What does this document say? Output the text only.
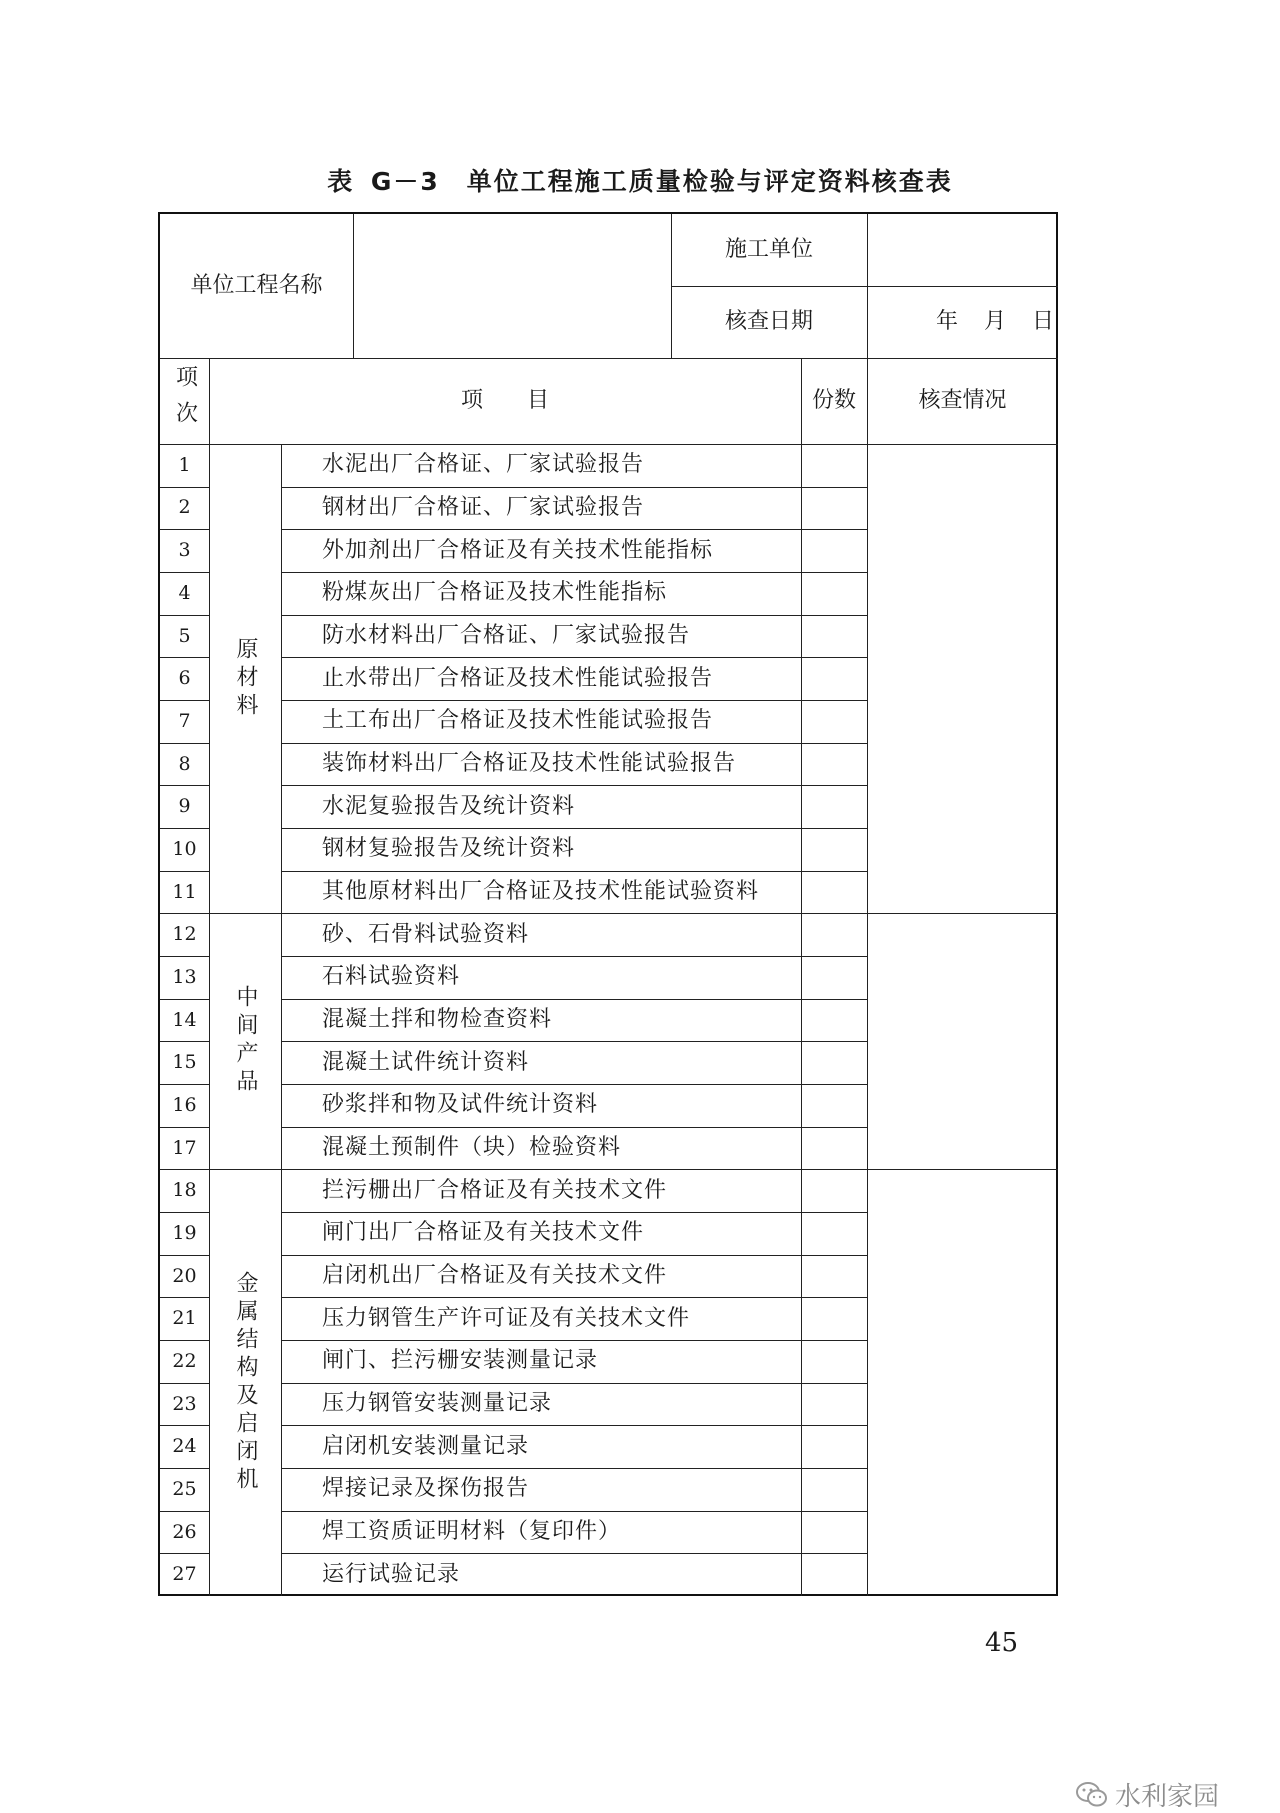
表 G－3　单位工程施工质量检验与评定资料核查表
单位工程名称
施工单位
核查日期	年　月　日
项次	项　　目	份数	核查情况
原材料
1	水泥出厂合格证、厂家试验报告
2	钢材出厂合格证、厂家试验报告
3	外加剂出厂合格证及有关技术性能指标
4	粉煤灰出厂合格证及技术性能指标
5	防水材料出厂合格证、厂家试验报告
6	止水带出厂合格证及技术性能试验报告
7	土工布出厂合格证及技术性能试验报告
8	装饰材料出厂合格证及技术性能试验报告
9	水泥复验报告及统计资料
10	钢材复验报告及统计资料
11	其他原材料出厂合格证及技术性能试验资料
中间产品
12	砂、石骨料试验资料
13	石料试验资料
14	混凝土拌和物检查资料
15	混凝土试件统计资料
16	砂浆拌和物及试件统计资料
17	混凝土预制件（块）检验资料
金属结构及启闭机
18	拦污栅出厂合格证及有关技术文件
19	闸门出厂合格证及有关技术文件
20	启闭机出厂合格证及有关技术文件
21	压力钢管生产许可证及有关技术文件
22	闸门、拦污栅安装测量记录
23	压力钢管安装测量记录
24	启闭机安装测量记录
25	焊接记录及探伤报告
26	焊工资质证明材料（复印件）
27	运行试验记录
45
水利家园
